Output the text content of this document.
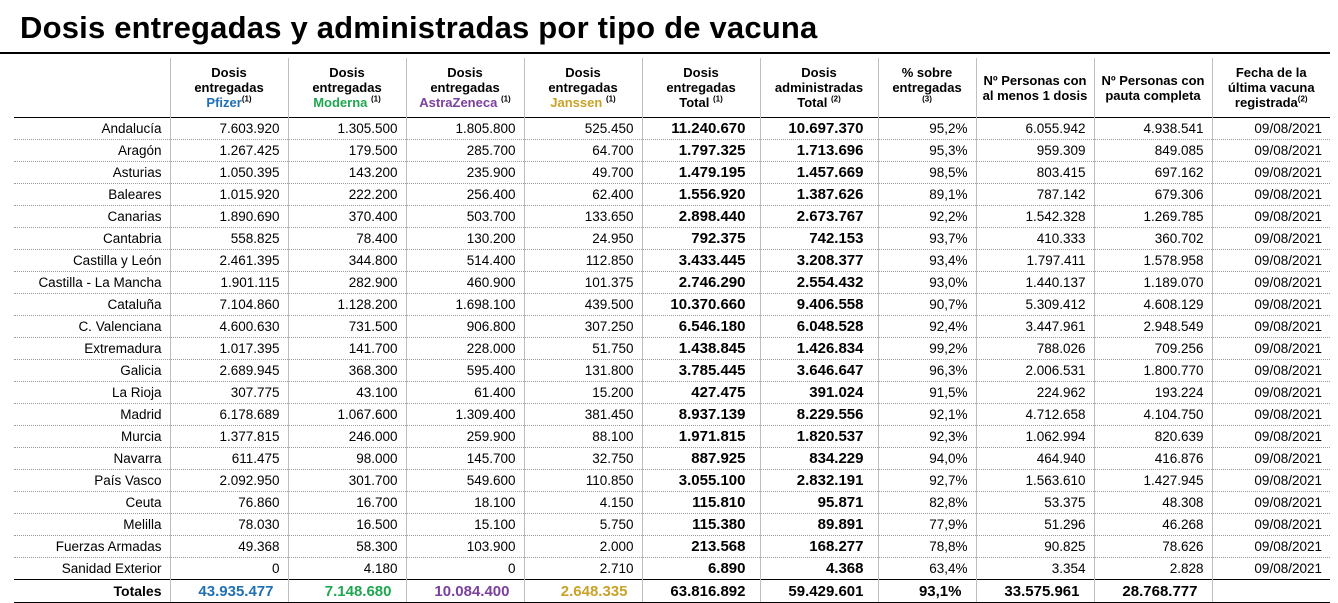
Dosis entregadas y administradas por tipo de vacuna
	Dosis
entregadas
Pfizer$^{(1)}$	Dosis
entregadas
Moderna $^{(1)}$	Dosis
entregadas
AstraZeneca $^{(1)}$	Dosis
entregadas
Janssen $^{(1)}$	Dosis
entregadas
Total $^{(1)}$	Dosis
administradas
Total $^{(2)}$	% sobre
entregadas
$^{(3)}$	Nº Personas con
al menos 1 dosis	Nº Personas con
pauta completa	Fecha de la
última vacuna
registrada$^{(2)}$
Andalucía	7.603.920	1.305.500	1.805.800	525.450	11.240.670	10.697.370	95,2%	6.055.942	4.938.541	09/08/2021
Aragón	1.267.425	179.500	285.700	64.700	1.797.325	1.713.696	95,3%	959.309	849.085	09/08/2021
Asturias	1.050.395	143.200	235.900	49.700	1.479.195	1.457.669	98,5%	803.415	697.162	09/08/2021
Baleares	1.015.920	222.200	256.400	62.400	1.556.920	1.387.626	89,1%	787.142	679.306	09/08/2021
Canarias	1.890.690	370.400	503.700	133.650	2.898.440	2.673.767	92,2%	1.542.328	1.269.785	09/08/2021
Cantabria	558.825	78.400	130.200	24.950	792.375	742.153	93,7%	410.333	360.702	09/08/2021
Castilla y León	2.461.395	344.800	514.400	112.850	3.433.445	3.208.377	93,4%	1.797.411	1.578.958	09/08/2021
Castilla - La Mancha	1.901.115	282.900	460.900	101.375	2.746.290	2.554.432	93,0%	1.440.137	1.189.070	09/08/2021
Cataluña	7.104.860	1.128.200	1.698.100	439.500	10.370.660	9.406.558	90,7%	5.309.412	4.608.129	09/08/2021
C. Valenciana	4.600.630	731.500	906.800	307.250	6.546.180	6.048.528	92,4%	3.447.961	2.948.549	09/08/2021
Extremadura	1.017.395	141.700	228.000	51.750	1.438.845	1.426.834	99,2%	788.026	709.256	09/08/2021
Galicia	2.689.945	368.300	595.400	131.800	3.785.445	3.646.647	96,3%	2.006.531	1.800.770	09/08/2021
La Rioja	307.775	43.100	61.400	15.200	427.475	391.024	91,5%	224.962	193.224	09/08/2021
Madrid	6.178.689	1.067.600	1.309.400	381.450	8.937.139	8.229.556	92,1%	4.712.658	4.104.750	09/08/2021
Murcia	1.377.815	246.000	259.900	88.100	1.971.815	1.820.537	92,3%	1.062.994	820.639	09/08/2021
Navarra	611.475	98.000	145.700	32.750	887.925	834.229	94,0%	464.940	416.876	09/08/2021
País Vasco	2.092.950	301.700	549.600	110.850	3.055.100	2.832.191	92,7%	1.563.610	1.427.945	09/08/2021
Ceuta	76.860	16.700	18.100	4.150	115.810	95.871	82,8%	53.375	48.308	09/08/2021
Melilla	78.030	16.500	15.100	5.750	115.380	89.891	77,9%	51.296	46.268	09/08/2021
Fuerzas Armadas	49.368	58.300	103.900	2.000	213.568	168.277	78,8%	90.825	78.626	09/08/2021
Sanidad Exterior	0	4.180	0	2.710	6.890	4.368	63,4%	3.354	2.828	09/08/2021
Totales	43.935.477	7.148.680	10.084.400	2.648.335	63.816.892	59.429.601	93,1%	33.575.961	28.768.777	
